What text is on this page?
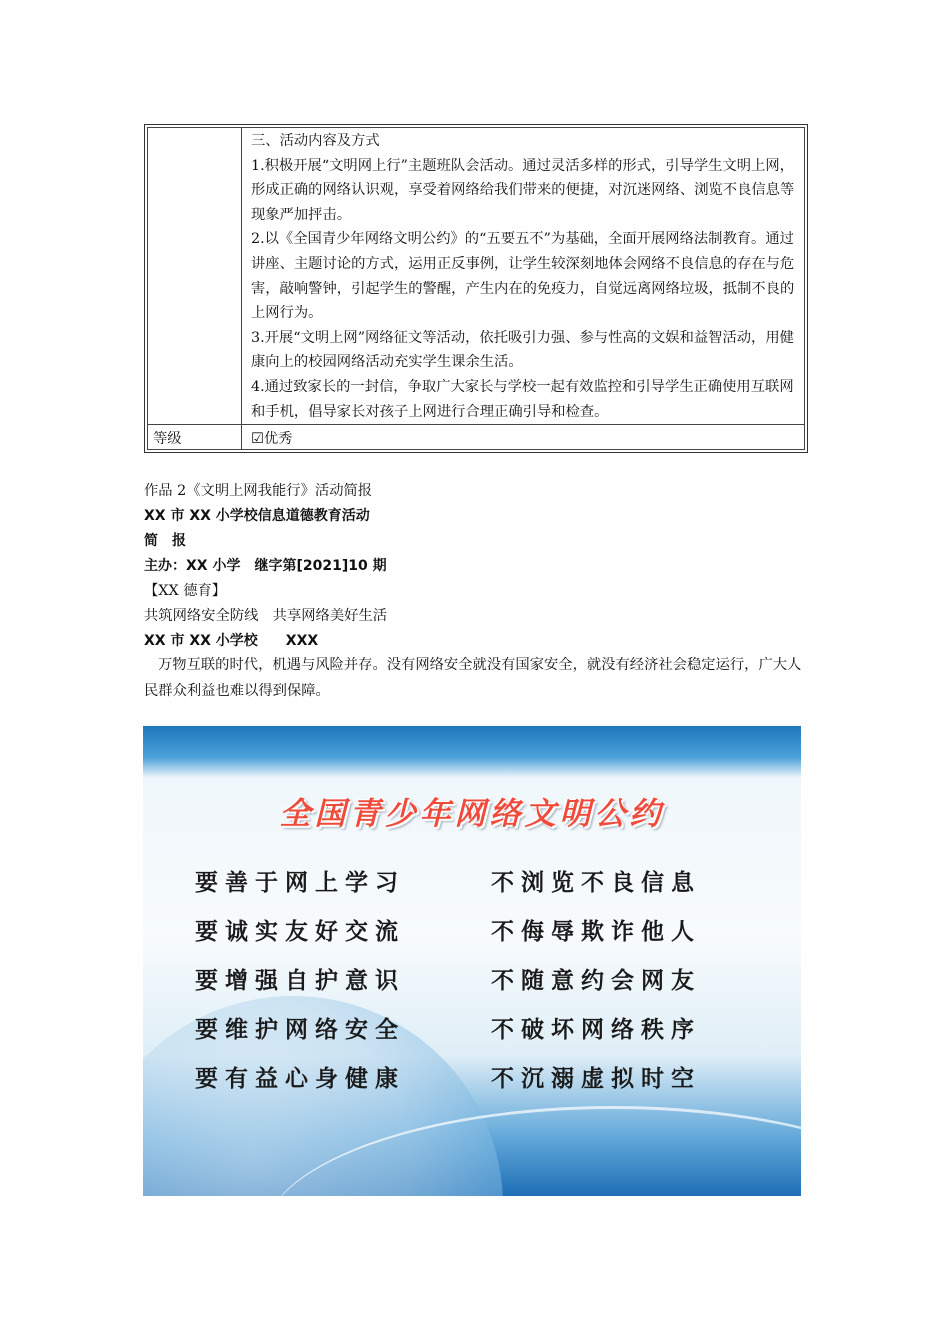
三、活动内容及方式

1.积极开展“文明网上行”主题班队会活动。通过灵活多样的形式，引导学生文明上网，形成正确的网络认识观，享受着网络给我们带来的便捷，对沉迷网络、浏览不良信息等现象严加抨击。

2.以《全国青少年网络文明公约》的“五要五不”为基础，全面开展网络法制教育。通过讲座、主题讨论的方式，运用正反事例，让学生较深刻地体会网络不良信息的存在与危害，敲响警钟，引起学生的警醒，产生内在的免疫力，自觉远离网络垃圾，抵制不良的上网行为。

3.开展“文明上网”网络征文等活动，依托吸引力强、参与性高的文娱和益智活动，用健康向上的校园网络活动充实学生课余生活。

4.通过致家长的一封信，争取广大家长与学校一起有效监控和引导学生正确使用互联网和手机，倡导家长对孩子上网进行合理正确引导和检查。

等级	☑优秀
作品 2《文明上网我能行》活动简报
XX 市 XX 小学校信息道德教育活动
简　报
主办：XX 小学　继字第[2021]10 期
【XX 德育】
共筑网络安全防线　共享网络美好生活
XX 市 XX 小学校　　XXX
万物互联的时代，机遇与风险并存。没有网络安全就没有国家安全，就没有经济社会稳定运行，广大人民群众利益也难以得到保障。
全国青少年网络文明公约
要善于网上学习	不浏览不良信息
要诚实友好交流	不侮辱欺诈他人
要增强自护意识	不随意约会网友
要维护网络安全	不破坏网络秩序
要有益心身健康	不沉溺虚拟时空
